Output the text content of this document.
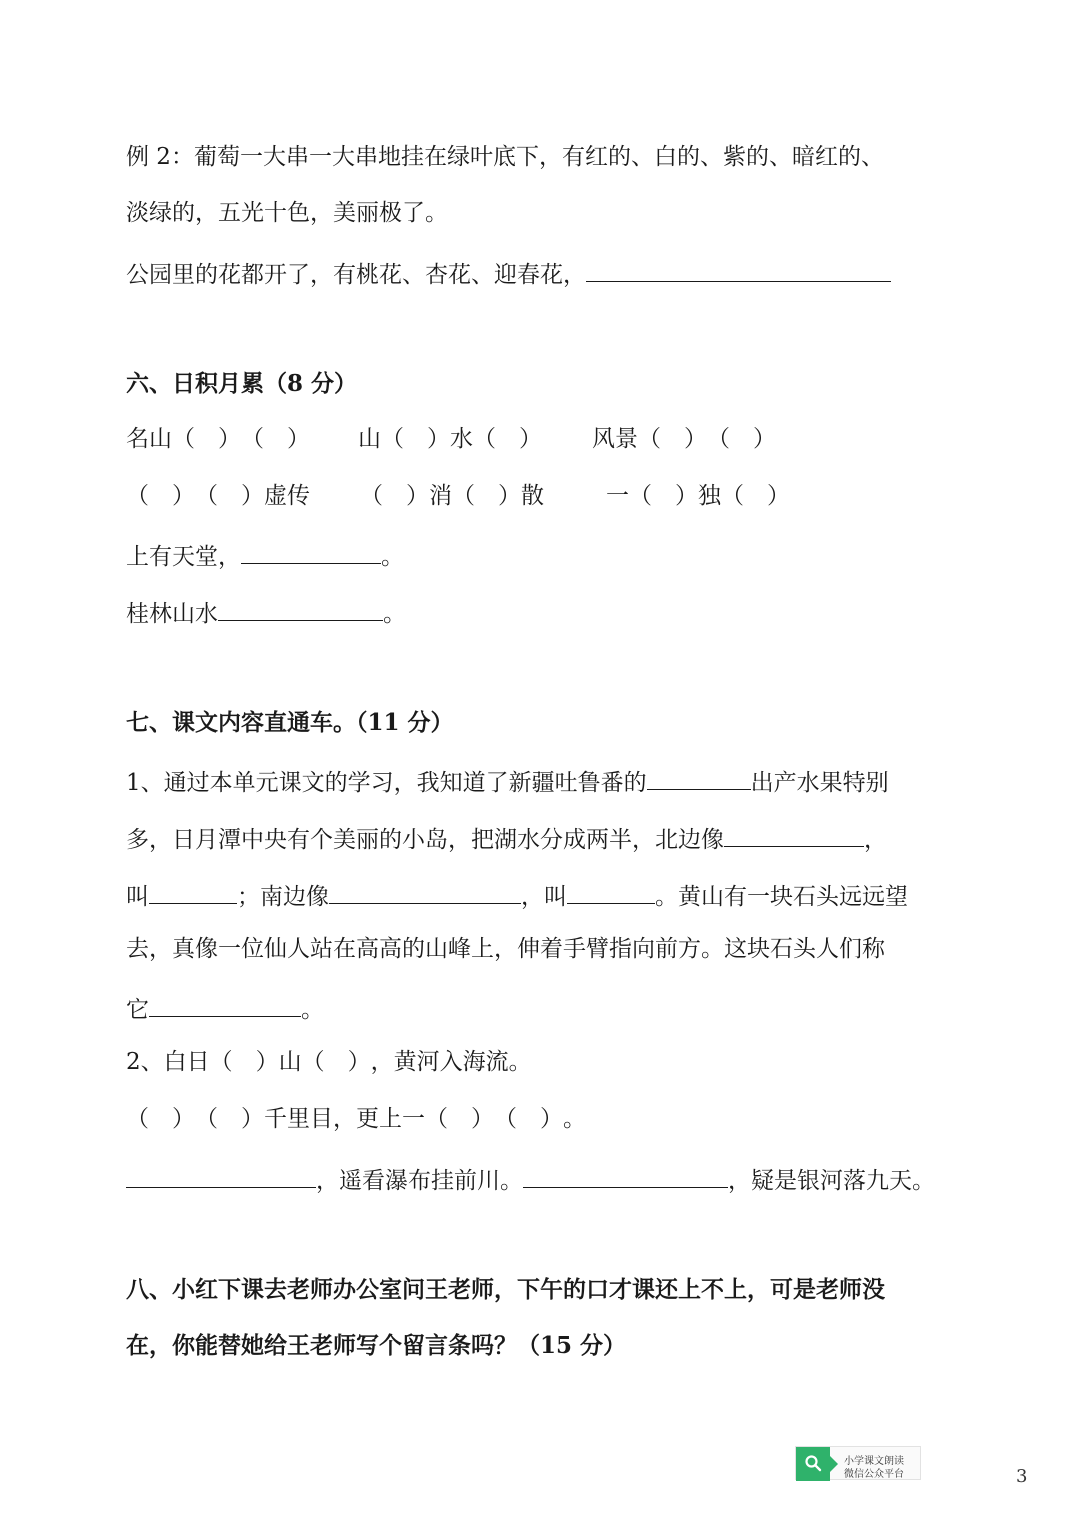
例 2：葡萄一大串一大串地挂在绿叶底下，有红的、白的、紫的、暗红的、
淡绿的，五光十色，美丽极了。
公园里的花都开了，有桃花、杏花、迎春花，
六、日积月累（8 分）
名山（　）（　） 山（　）水（　） 风景（　）（　）
（　）（　）虚传 （　）消（　）散	一（　）独（　）
上有天堂，	。
桂林山水	。
七、课文内容直通车。（11 分）
1、通过本单元课文的学习，我知道了新疆吐鲁番的	出产水果特别
多，日月潭中央有个美丽的小岛，把湖水分成两半，北边像	，
叫	；南边像	，叫	。黄山有一块石头远远望
去，真像一位仙人站在高高的山峰上，伸着手臂指向前方。这块石头人们称
它	。
2、白日（　）山（　），黄河入海流。
（　）（　）千里目，更上一（　）（　）。
，遥看瀑布挂前川。	，疑是银河落九天。
八、小红下课去老师办公室问王老师，下午的口才课还上不上，可是老师没
在，你能替她给王老师写个留言条吗？（15 分）
小学课文朗读
微信公众平台	3
